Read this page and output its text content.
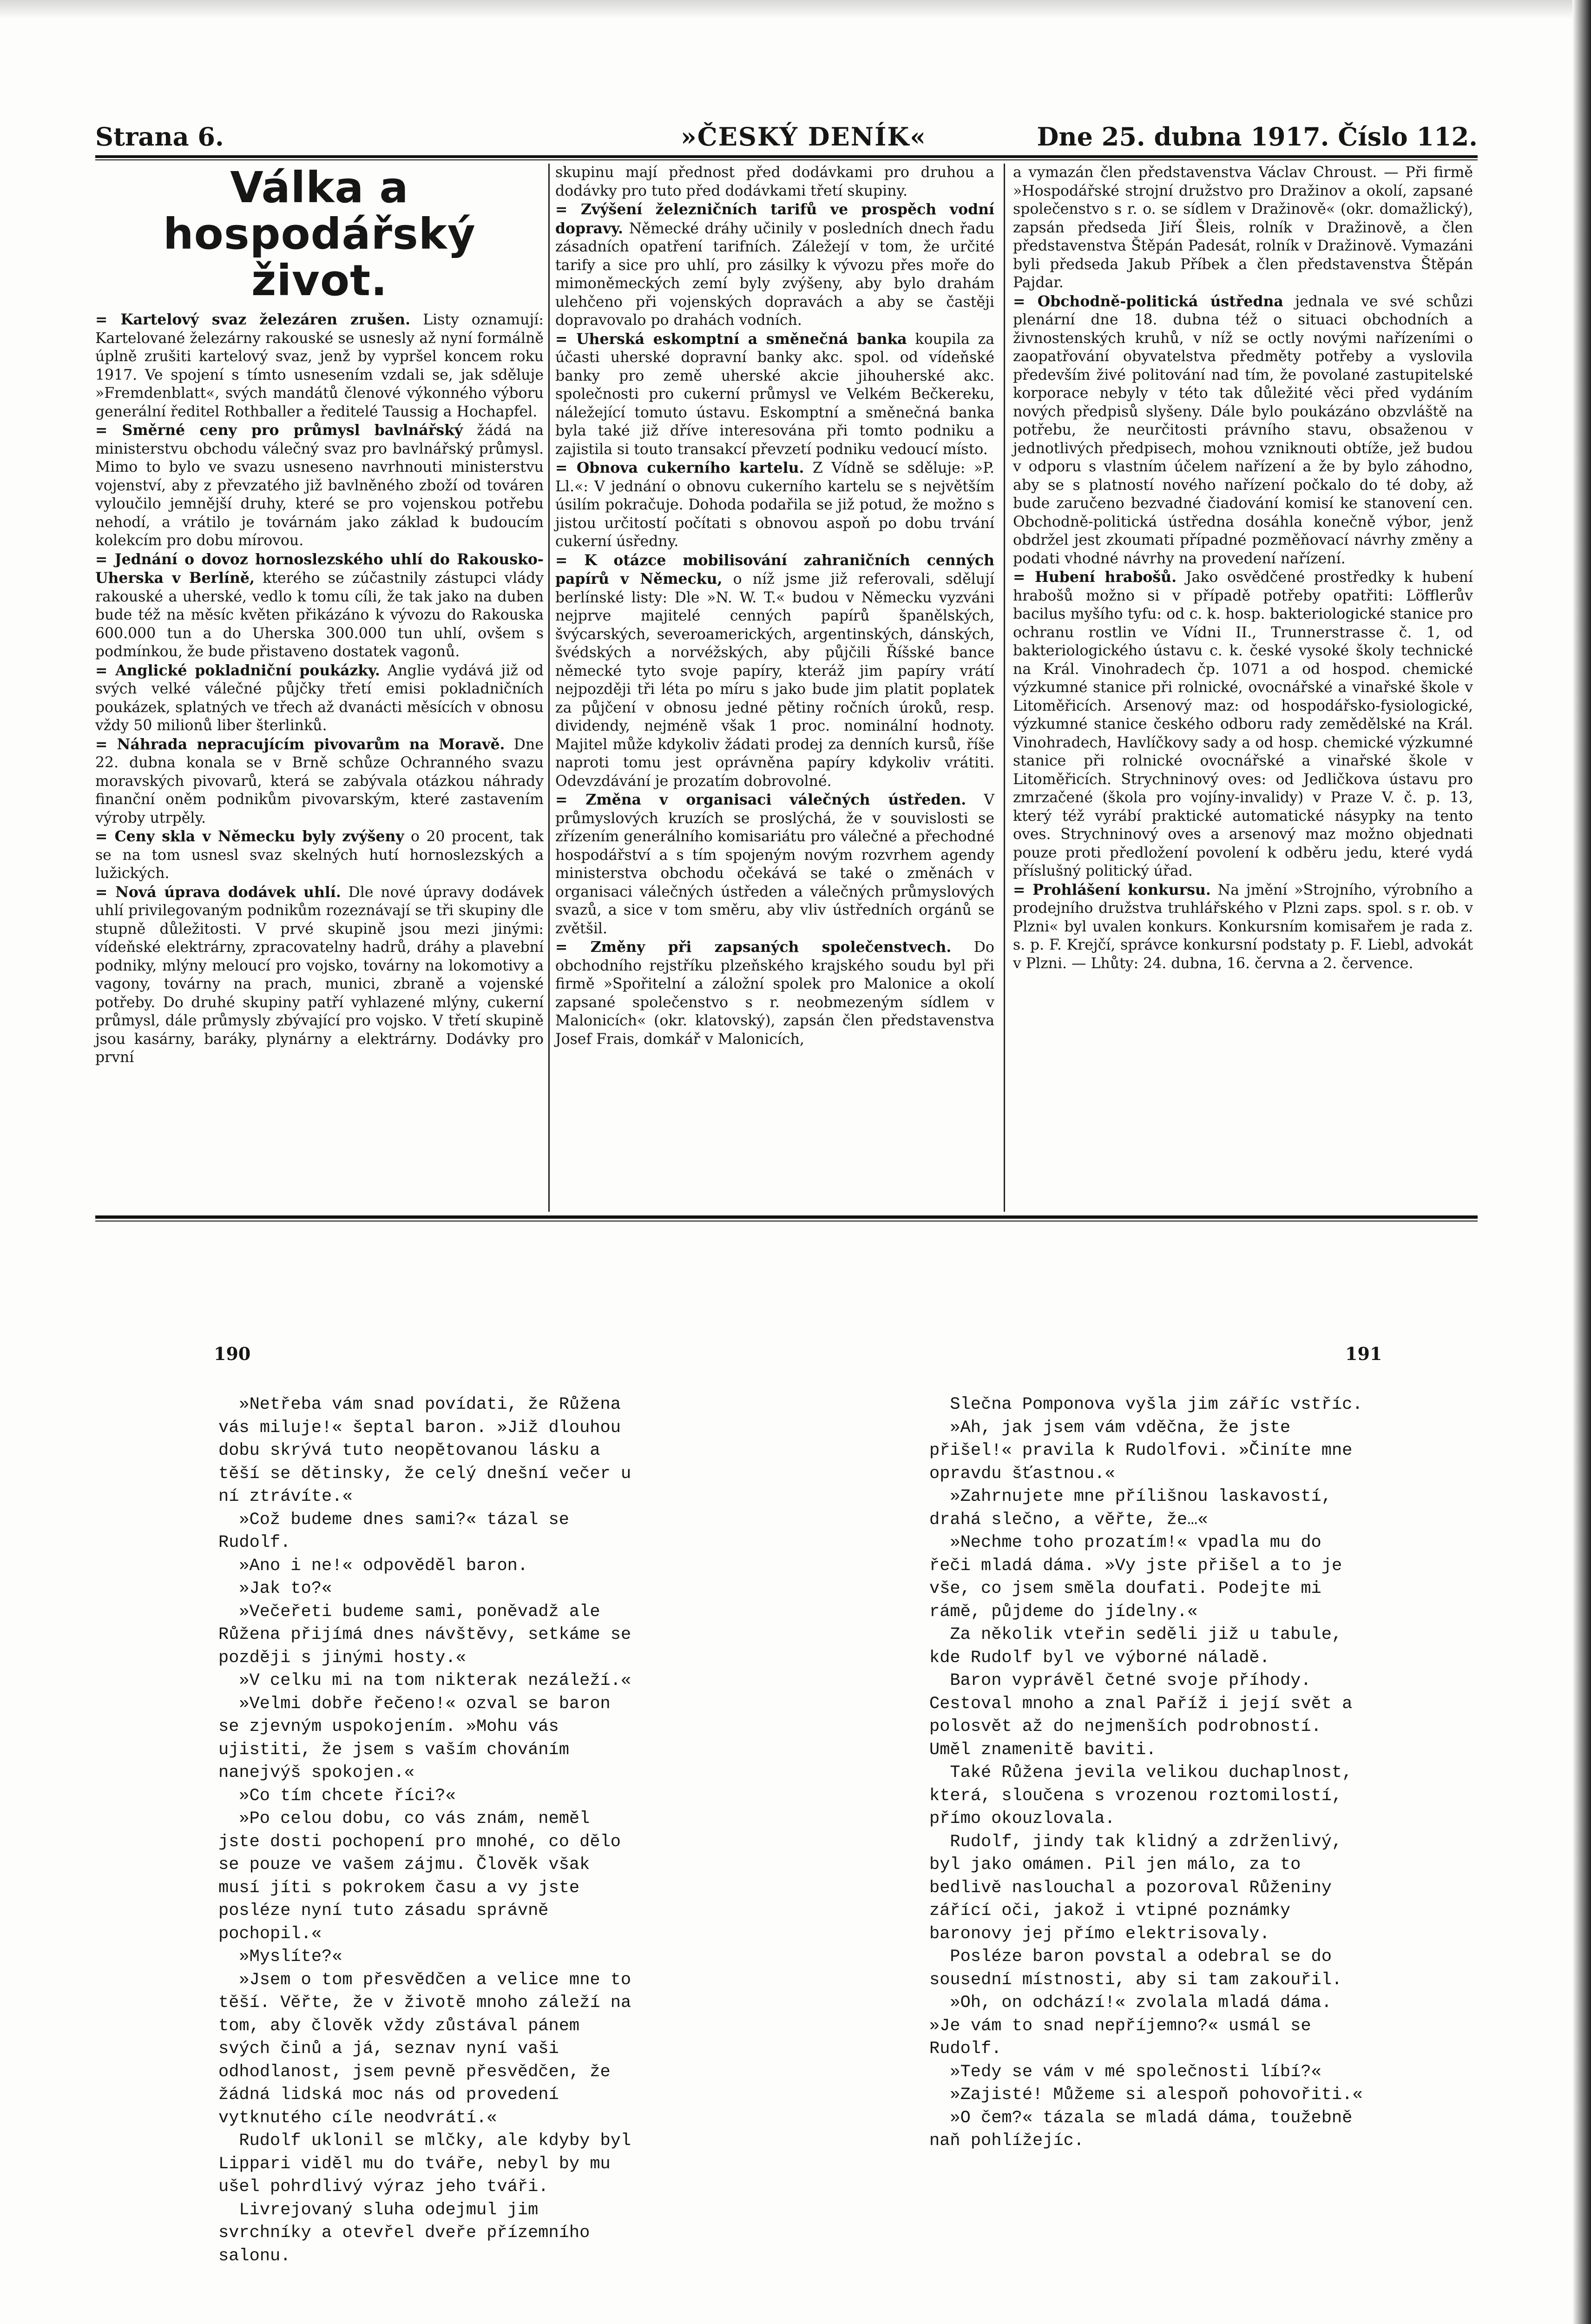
Strana 6.	»ČESKÝ DENÍK«	Dne 25. dubna 1917. Číslo 112.
Válka a hospodářský život.

= Kartelový svaz železáren zrušen. Listy oznamují: Kartelované železárny rakouské se usnesly až nyní formálně úplně zrušiti kartelový svaz, jenž by vypršel koncem roku 1917. Ve spojení s tímto usnesením vzdali se, jak sděluje »Fremdenblatt«, svých mandátů členové výkonného výboru generální ředitel Rothballer a ředitelé Taussig a Hochapfel.

= Směrné ceny pro průmysl bavlnářský žádá na ministerstvu obchodu válečný svaz pro bavlnářský průmysl. Mimo to bylo ve svazu usneseno navrhnouti ministerstvu vojenství, aby z převzatého již bavlněného zboží od továren vyloučilo jemnější druhy, které se pro vojenskou potřebu nehodí, a vrátilo je továrnám jako základ k budoucím kolekcím pro dobu mírovou.

= Jednání o dovoz hornoslezského uhlí do Rakousko-Uherska v Berlíně, kterého se zúčastnily zástupci vlády rakouské a uherské, vedlo k tomu cíli, že tak jako na duben bude též na měsíc květen přikázáno k vývozu do Rakouska 600.000 tun a do Uherska 300.000 tun uhlí, ovšem s podmínkou, že bude přistaveno dostatek vagonů.

= Anglické pokladniční poukázky. Anglie vydává již od svých velké válečné půjčky třetí emisi pokladničních poukázek, splatných ve třech až dvanácti měsících v obnosu vždy 50 milionů liber šterlinků.

= Náhrada nepracujícím pivovarům na Moravě. Dne 22. dubna konala se v Brně schůze Ochranného svazu moravských pivovarů, která se zabývala otázkou náhrady finanční oněm podnikům pivovarským, které zastavením výroby utrpěly.

= Ceny skla v Německu byly zvýšeny o 20 procent, tak se na tom usnesl svaz skelných hutí hornoslezských a lužických.

= Nová úprava dodávek uhlí. Dle nové úpravy dodávek uhlí privilegovaným podnikům rozeznávají se tři skupiny dle stupně důležitosti. V prvé skupině jsou mezi jinými: vídeňské elektrárny, zpracovatelny hadrů, dráhy a plavební podniky, mlýny meloucí pro vojsko, továrny na lokomotivy a vagony, továrny na prach, munici, zbraně a vojenské potřeby. Do druhé skupiny patří vyhlazené mlýny, cukerní průmysl, dále průmysly zbývající pro vojsko. V třetí skupině jsou kasárny, baráky, plynárny a elektrárny. Dodávky pro první

skupinu mají přednost před dodávkami pro druhou a dodávky pro tuto před dodávkami třetí skupiny.

= Zvýšení železničních tarifů ve prospěch vodní dopravy. Německé dráhy učinily v posledních dnech řadu zásadních opatření tarifních. Záležejí v tom, že určité tarify a sice pro uhlí, pro zásilky k vývozu přes moře do mimoněmeckých zemí byly zvýšeny, aby bylo drahám ulehčeno při vojenských dopravách a aby se častěji dopravovalo po drahách vodních.

= Uherská eskomptní a směnečná banka koupila za účasti uherské dopravní banky akc. spol. od vídeňské banky pro země uherské akcie jihouherské akc. společnosti pro cukerní průmysl ve Velkém Bečkereku, náležející tomuto ústavu. Eskomptní a směnečná banka byla také již dříve interesována při tomto podniku a zajistila si touto transakcí převzetí podniku vedoucí místo.

= Obnova cukerního kartelu. Z Vídně se sděluje: »P. Ll.«: V jednání o obnovu cukerního kartelu se s největším úsilím pokračuje. Dohoda podařila se již potud, že možno s jistou určitostí počítati s obnovou aspoň po dobu trvání cukerní úsředny.

= K otázce mobilisování zahraničních cenných papírů v Německu, o níž jsme již referovali, sdělují berlínské listy: Dle »N. W. T.« budou v Německu vyzváni nejprve majitelé cenných papírů španělských, švýcarských, severoamerických, argentinských, dánských, švédských a norvéžských, aby půjčili Říšské bance německé tyto svoje papíry, kteráž jim papíry vrátí nejpozději tři léta po míru s jako bude jim platit poplatek za půjčení v obnosu jedné pětiny ročních úroků, resp. dividendy, nejméně však 1 proc. nominální hodnoty. Majitel může kdykoliv žádati prodej za denních kursů, říše naproti tomu jest oprávněna papíry kdykoliv vrátiti. Odevzdávání je prozatím dobrovolné.

= Změna v organisaci válečných ústředen. V průmyslových kruzích se proslýchá, že v souvislosti se zřízením generálního komisariátu pro válečné a přechodné hospodářství a s tím spojeným novým rozvrhem agendy ministerstva obchodu očekává se také o změnách v organisaci válečných ústředen a válečných průmyslových svazů, a sice v tom směru, aby vliv ústředních orgánů se zvětšil.

= Změny při zapsaných společenstvech. Do obchodního rejstříku plzeňského krajského soudu byl při firmě »Spořitelní a záložní spolek pro Malonice a okolí zapsané společenstvo s r. neobmezeným sídlem v Malonicích« (okr. klatovský), zapsán člen představenstva Josef Frais, domkář v Malonicích,

a vymazán člen představenstva Václav Chroust. — Při firmě »Hospodářské strojní družstvo pro Dražinov a okolí, zapsané společenstvo s r. o. se sídlem v Dražinově« (okr. domažlický), zapsán předseda Jiří Šleis, rolník v Dražinově, a člen představenstva Štěpán Padesát, rolník v Dražinově. Vymazáni byli předseda Jakub Příbek a člen představenstva Štěpán Pajdar.

= Obchodně-politická ústředna jednala ve své schůzi plenární dne 18. dubna též o situaci obchodních a živnostenských kruhů, v níž se octly novými nařízeními o zaopatřování obyvatelstva předměty potřeby a vyslovila především živé politování nad tím, že povolané zastupitelské korporace nebyly v této tak důležité věci před vydáním nových předpisů slyšeny. Dále bylo poukázáno obzvláště na potřebu, že neurčitosti právního stavu, obsaženou v jednotlivých předpisech, mohou vzniknouti obtíže, jež budou v odporu s vlastním účelem nařízení a že by bylo záhodno, aby se s platností nového nařízení počkalo do té doby, až bude zaručeno bezvadné čiadování komisí ke stanovení cen. Obchodně-politická ústředna dosáhla konečně výbor, jenž obdržel jest zkoumati případné pozměňovací návrhy změny a podati vhodné návrhy na provedení nařízení.

= Hubení hrabošů. Jako osvědčené prostředky k hubení hrabošů možno si v případě potřeby opatřiti: Löfflerův bacilus myšího tyfu: od c. k. hosp. bakteriologické stanice pro ochranu rostlin ve Vídni II., Trunnerstrasse č. 1, od bakteriologického ústavu c. k. české vysoké školy technické na Král. Vinohradech čp. 1071 a od hospod. chemické výzkumné stanice při rolnické, ovocnářské a vinařské škole v Litoměřicích. Arsenový maz: od hospodářsko-fysiologické, výzkumné stanice českého odboru rady zemědělské na Král. Vinohradech, Havlíčkovy sady a od hosp. chemické výzkumné stanice při rolnické ovocnářské a vinařské škole v Litoměřicích. Strychninový oves: od Jedličkova ústavu pro zmrzačené (škola pro vojíny-invalidy) v Praze V. č. p. 13, který též vyrábí praktické automatické násypky na tento oves. Strychninový oves a arsenový maz možno objednati pouze proti předložení povolení k odběru jedu, které vydá příslušný politický úřad.

= Prohlášení konkursu. Na jmění »Strojního, výrobního a prodejního družstva truhlářského v Plzni zaps. spol. s r. ob. v Plzni« byl uvalen konkurs. Konkursním komisařem je rada z. s. p. F. Krejčí, správce konkursní podstaty p. F. Liebl, advokát v Plzni. — Lhůty: 24. dubna, 16. června a 2. července.

190	191

»Netřeba vám snad povídati, že Růžena vás miluje!« šeptal baron. »Již dlouhou dobu skrývá tuto neopětovanou lásku a těší se dětinsky, že celý dnešní večer u ní ztrávíte.«

»Což budeme dnes sami?« tázal se Rudolf.

»Ano i ne!« odpověděl baron.

»Jak to?«

»Večeřeti budeme sami, poněvadž ale Růžena přijímá dnes návštěvy, setkáme se později s jinými hosty.«

»V celku mi na tom nikterak nezáleží.«

»Velmi dobře řečeno!« ozval se baron se zjevným uspokojením. »Mohu vás ujistiti, že jsem s vaším chováním nanejvýš spokojen.«

»Co tím chcete říci?«

»Po celou dobu, co vás znám, neměl jste dosti pochopení pro mnohé, co dělo se pouze ve vašem zájmu. Člověk však musí jíti s pokrokem času a vy jste posléze nyní tuto zásadu správně pochopil.«

»Myslíte?«

»Jsem o tom přesvědčen a velice mne to těší. Věřte, že v životě mnoho záleží na tom, aby člověk vždy zůstával pánem svých činů a já, seznav nyní vaši odhodlanost, jsem pevně přesvědčen, že žádná lidská moc nás od provedení vytknutého cíle neodvrátí.«

Rudolf uklonil se mlčky, ale kdyby byl Lippari viděl mu do tváře, nebyl by mu ušel pohrdlivý výraz jeho tváři.

Livrejovaný sluha odejmul jim svrchníky a otevřel dveře přízemního salonu.

Slečna Pomponova vyšla jim záříc vstříc.

»Ah, jak jsem vám vděčna, že jste přišel!« pravila k Rudolfovi. »Činíte mne opravdu šťastnou.«

»Zahrnujete mne přílišnou laskavostí, drahá slečno, a věřte, že…«

»Nechme toho prozatím!« vpadla mu do řeči mladá dáma. »Vy jste přišel a to je vše, co jsem směla doufati. Podejte mi rámě, půjdeme do jídelny.«

Za několik vteřin seděli již u tabule, kde Rudolf byl ve výborné náladě.

Baron vyprávěl četné svoje příhody. Cestoval mnoho a znal Paříž i její svět a polosvět až do nejmenších podrobností. Uměl znamenitě baviti.

Také Růžena jevila velikou duchaplnost, která, sloučena s vrozenou roztomilostí, přímo okouzlovala.

Rudolf, jindy tak klidný a zdrženlivý, byl jako omámen. Pil jen málo, za to bedlivě naslouchal a pozoroval Růženiny zářící oči, jakož i vtipné poznámky baronovy jej přímo elektrisovaly.

Posléze baron povstal a odebral se do sousední místnosti, aby si tam zakouřil.

»Oh, on odchází!« zvolala mladá dáma. »Je vám to snad nepříjemno?« usmál se Rudolf.

»Tedy se vám v mé společnosti líbí?«

»Zajisté! Můžeme si alespoň pohovořiti.«

»O čem?« tázala se mladá dáma, toužebně naň pohlížejíc.
